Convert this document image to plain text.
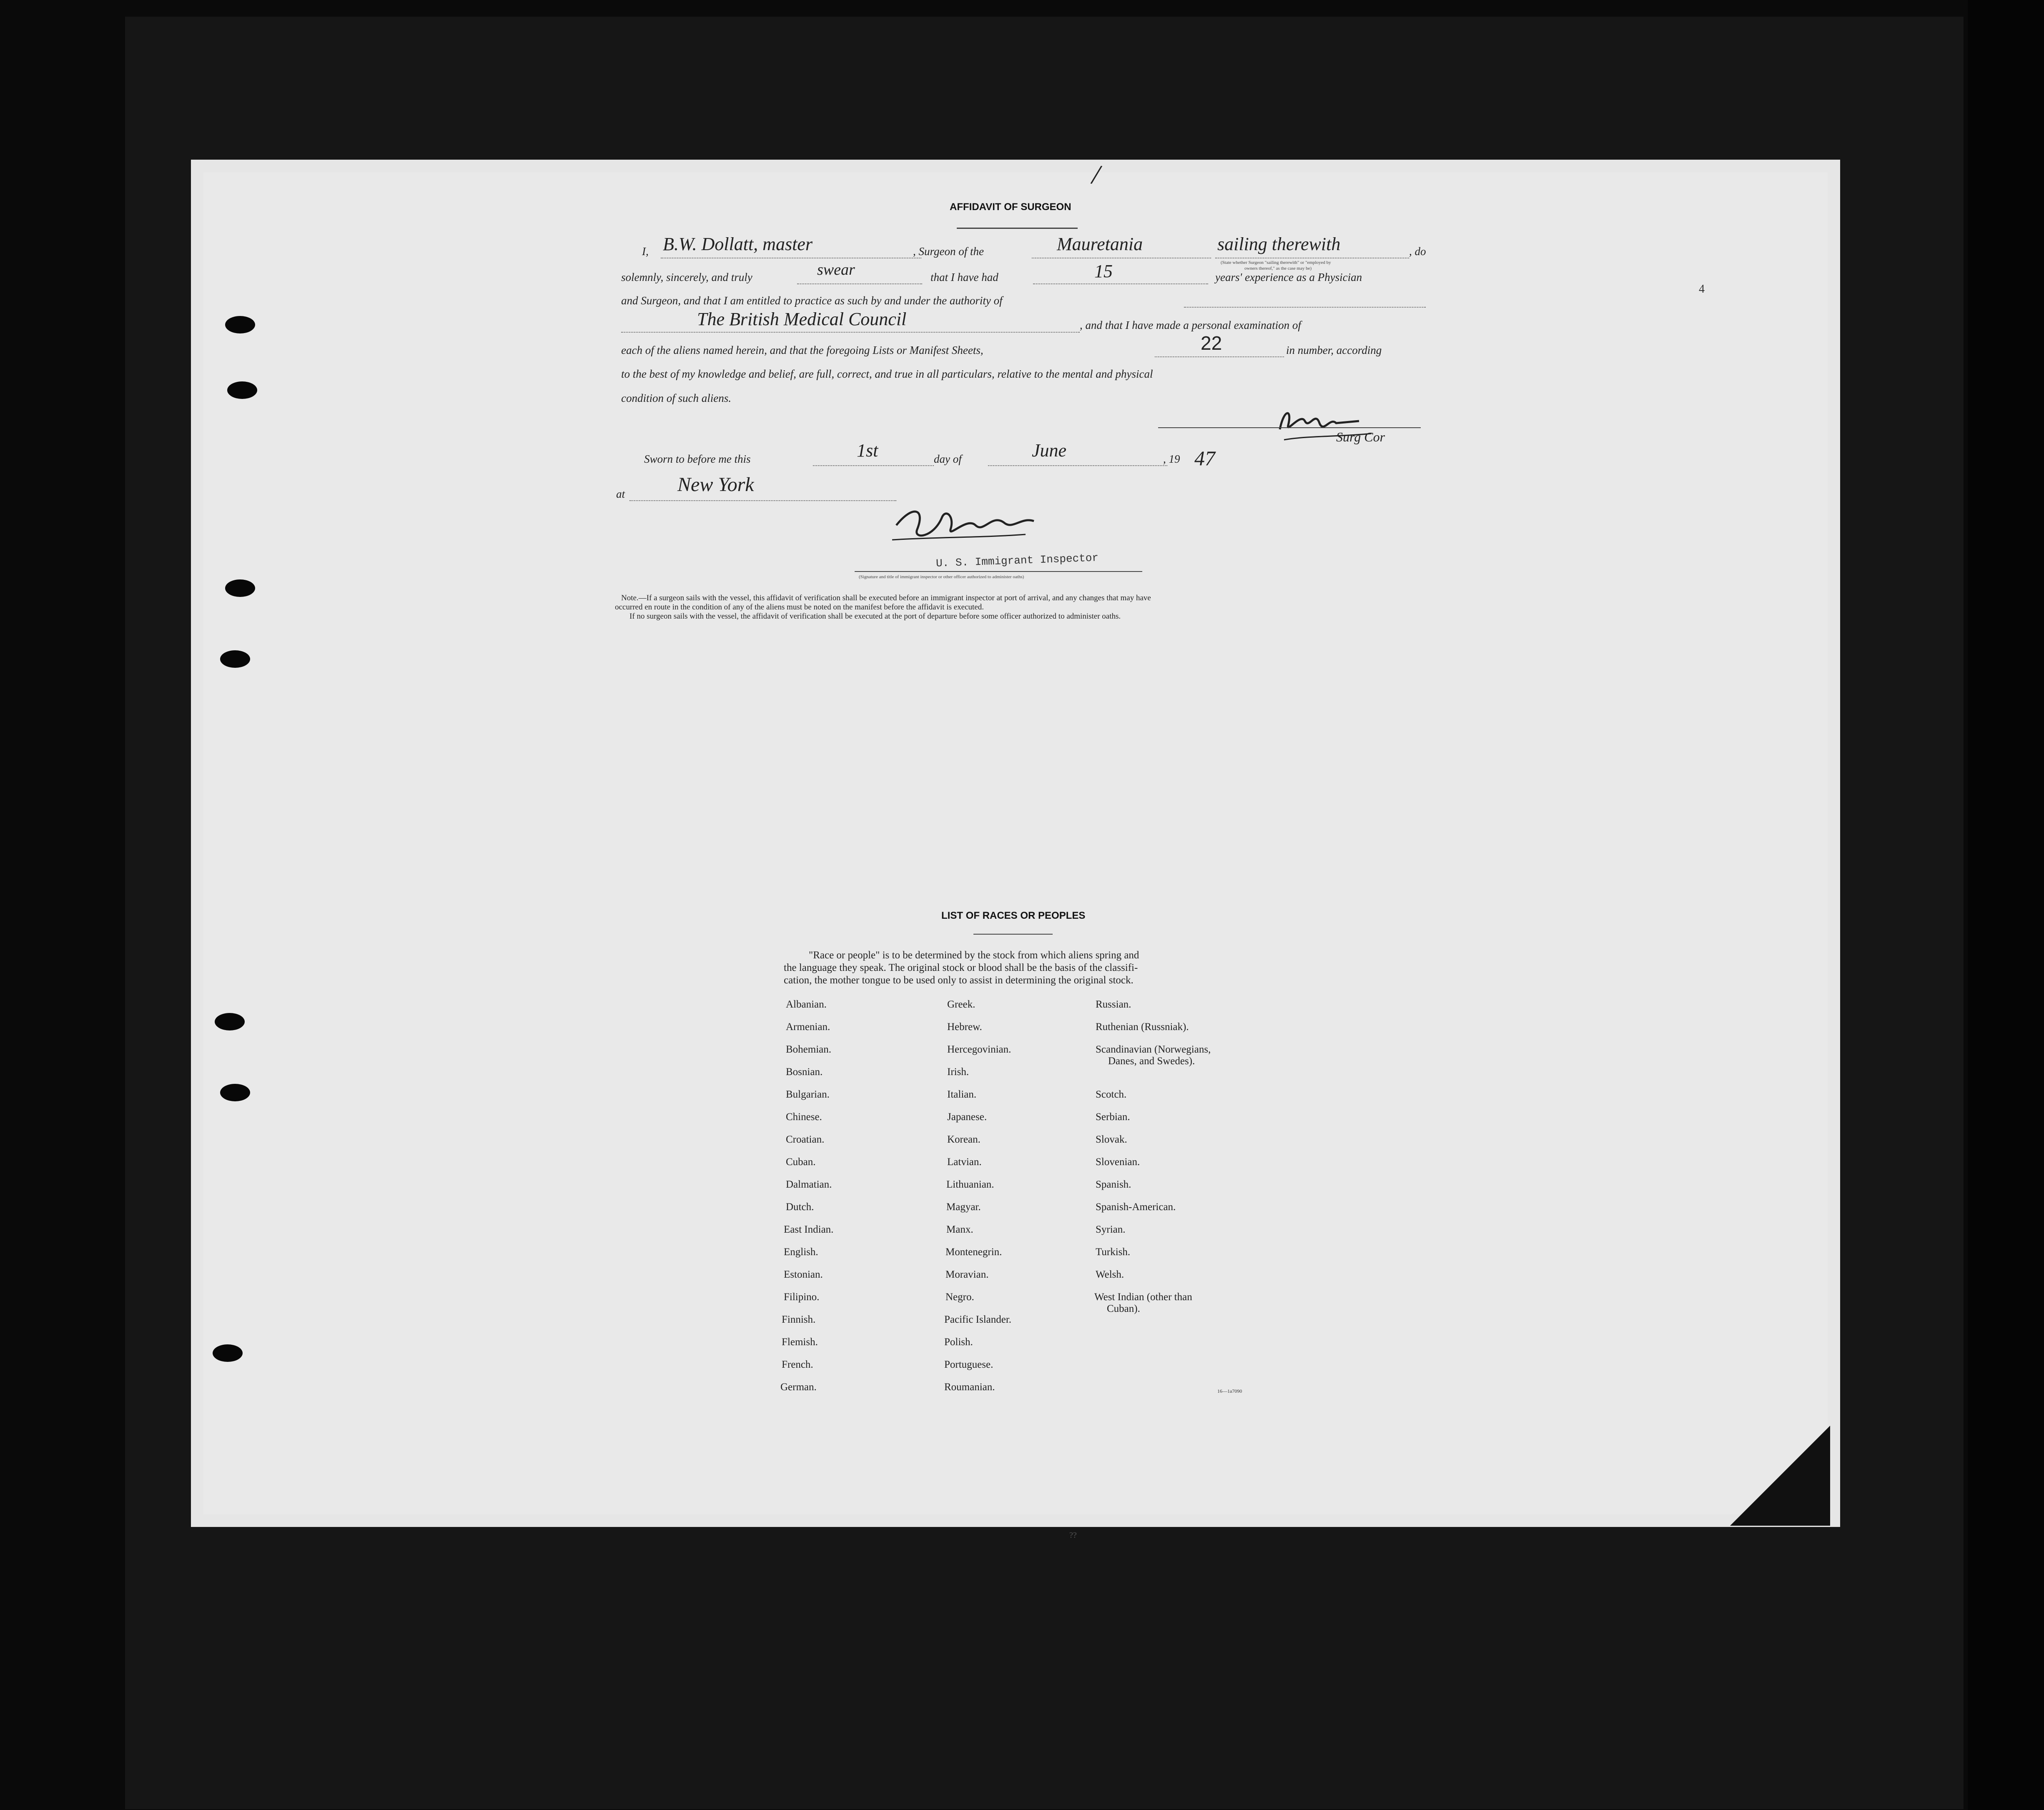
/
4
AFFIDAVIT OF SURGEON
I, B.W. Dollatt, master	, Surgeon of the	Mauretania	sailing therewith	, do
(State whether Surgeon "sailing therewith" or "employed by
owners thereof," as the case may be)
solemnly, sincerely, and truly	swear	that I have had	15	years' experience as a Physician
and Surgeon, and that I am entitled to practice as such by and under the authority of
The British Medical Council	, and that I have made a personal examination of
each of the aliens named herein, and that the foregoing Lists or Manifest Sheets,	22	in number, according
to the best of my knowledge and belief, are full, correct, and true in all particulars, relative to the mental and physical
condition of such aliens.
Surg Cor
Sworn to before me this	1st	day of	June	, 19 47
at	New York
U. S. Immigrant Inspector
(Signature and title of immigrant inspector or other officer authorized to administer oaths)
Note.—If a surgeon sails with the vessel, this affidavit of verification shall be executed before an immigrant inspector at port of arrival, and any changes that may have
occurred en route in the condition of any of the aliens must be noted on the manifest before the affidavit is executed.
If no surgeon sails with the vessel, the affidavit of verification shall be executed at the port of departure before some officer authorized to administer oaths.
LIST OF RACES OR PEOPLES
"Race or people" is to be determined by the stock from which aliens spring and
the language they speak. The original stock or blood shall be the basis of the classifi-
cation, the mother tongue to be used only to assist in determining the original stock.
Albanian.
Armenian.
Bohemian.
Bosnian.
Bulgarian.
Chinese.
Croatian.
Cuban.
Dalmatian.
Dutch.
East Indian.
English.
Estonian.
Filipino.
Finnish.
Flemish.
French.
German.
Greek.
Hebrew.
Hercegovinian.
Irish.
Italian.
Japanese.
Korean.
Latvian.
Lithuanian.
Magyar.
Manx.
Montenegrin.
Moravian.
Negro.
Pacific Islander.
Polish.
Portuguese.
Roumanian.
Russian.
Ruthenian (Russniak).
Scandinavian (Norwegians,
Danes, and Swedes).
Scotch.
Serbian.
Slovak.
Slovenian.
Spanish.
Spanish-American.
Syrian.
Turkish.
Welsh.
West Indian (other than
Cuban).
16—1a7090
??
